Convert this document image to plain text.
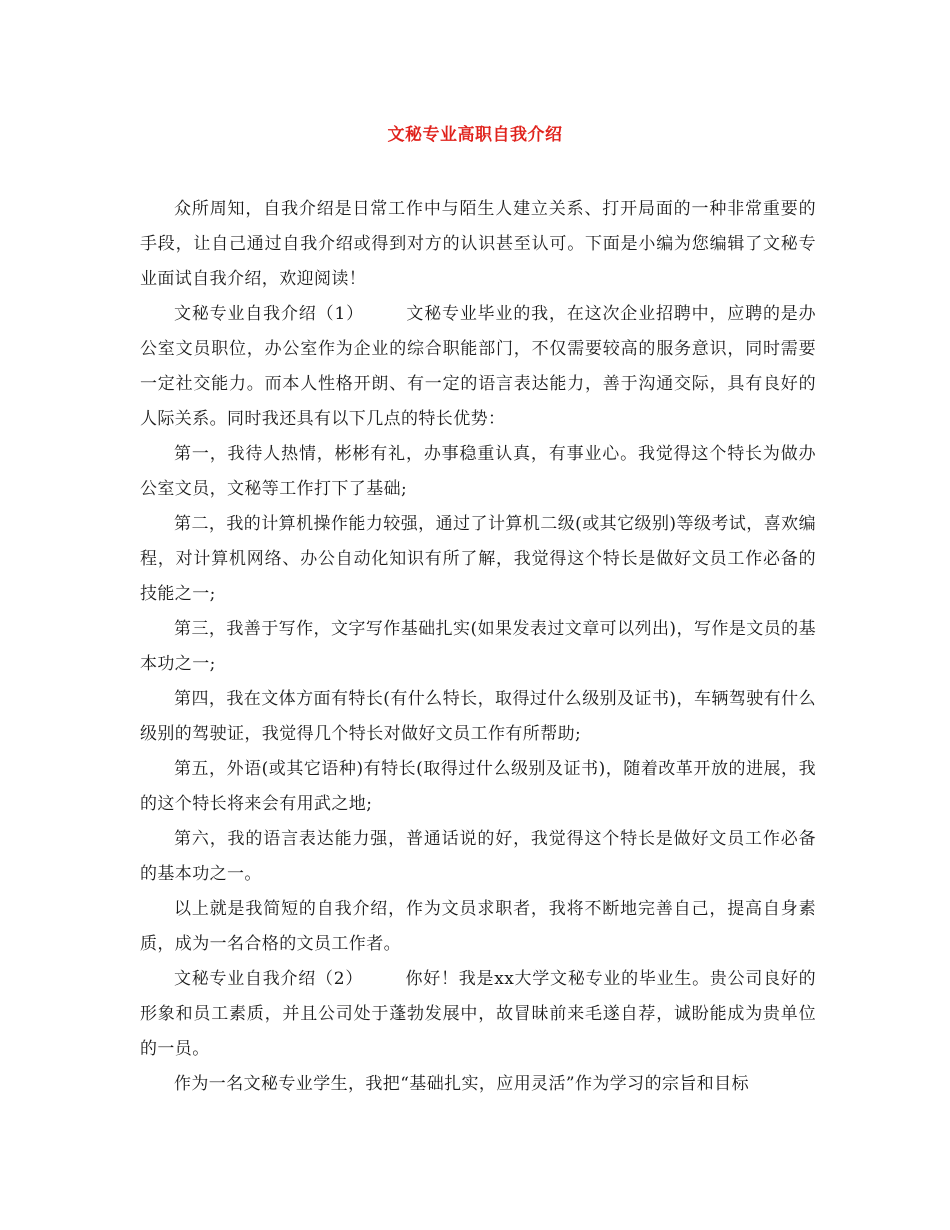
文秘专业高职自我介绍

众所周知，自我介绍是日常工作中与陌生人建立关系、打开局面的一种非常重要的手段，让自己通过自我介绍或得到对方的认识甚至认可。下面是小编为您编辑了文秘专业面试自我介绍，欢迎阅读！

文秘专业自我介绍（1） 文秘专业毕业的我，在这次企业招聘中，应聘的是办公室文员职位，办公室作为企业的综合职能部门，不仅需要较高的服务意识，同时需要一定社交能力。而本人性格开朗、有一定的语言表达能力，善于沟通交际，具有良好的人际关系。同时我还具有以下几点的特长优势：

第一，我待人热情，彬彬有礼，办事稳重认真，有事业心。我觉得这个特长为做办公室文员，文秘等工作打下了基础;

第二，我的计算机操作能力较强，通过了计算机二级(或其它级别)等级考试，喜欢编程，对计算机网络、办公自动化知识有所了解，我觉得这个特长是做好文员工作必备的技能之一;

第三，我善于写作，文字写作基础扎实(如果发表过文章可以列出)，写作是文员的基本功之一;

第四，我在文体方面有特长(有什么特长，取得过什么级别及证书)，车辆驾驶有什么级别的驾驶证，我觉得几个特长对做好文员工作有所帮助;

第五，外语(或其它语种)有特长(取得过什么级别及证书)，随着改革开放的进展，我的这个特长将来会有用武之地;

第六，我的语言表达能力强，普通话说的好，我觉得这个特长是做好文员工作必备的基本功之一。

以上就是我简短的自我介绍，作为文员求职者，我将不断地完善自己，提高自身素质，成为一名合格的文员工作者。

文秘专业自我介绍（2） 你好！我是xx大学文秘专业的毕业生。贵公司良好的形象和员工素质，并且公司处于蓬勃发展中，故冒昧前来毛遂自荐，诚盼能成为贵单位的一员。

作为一名文秘专业学生，我把“基础扎实，应用灵活”作为学习的宗旨和目标
